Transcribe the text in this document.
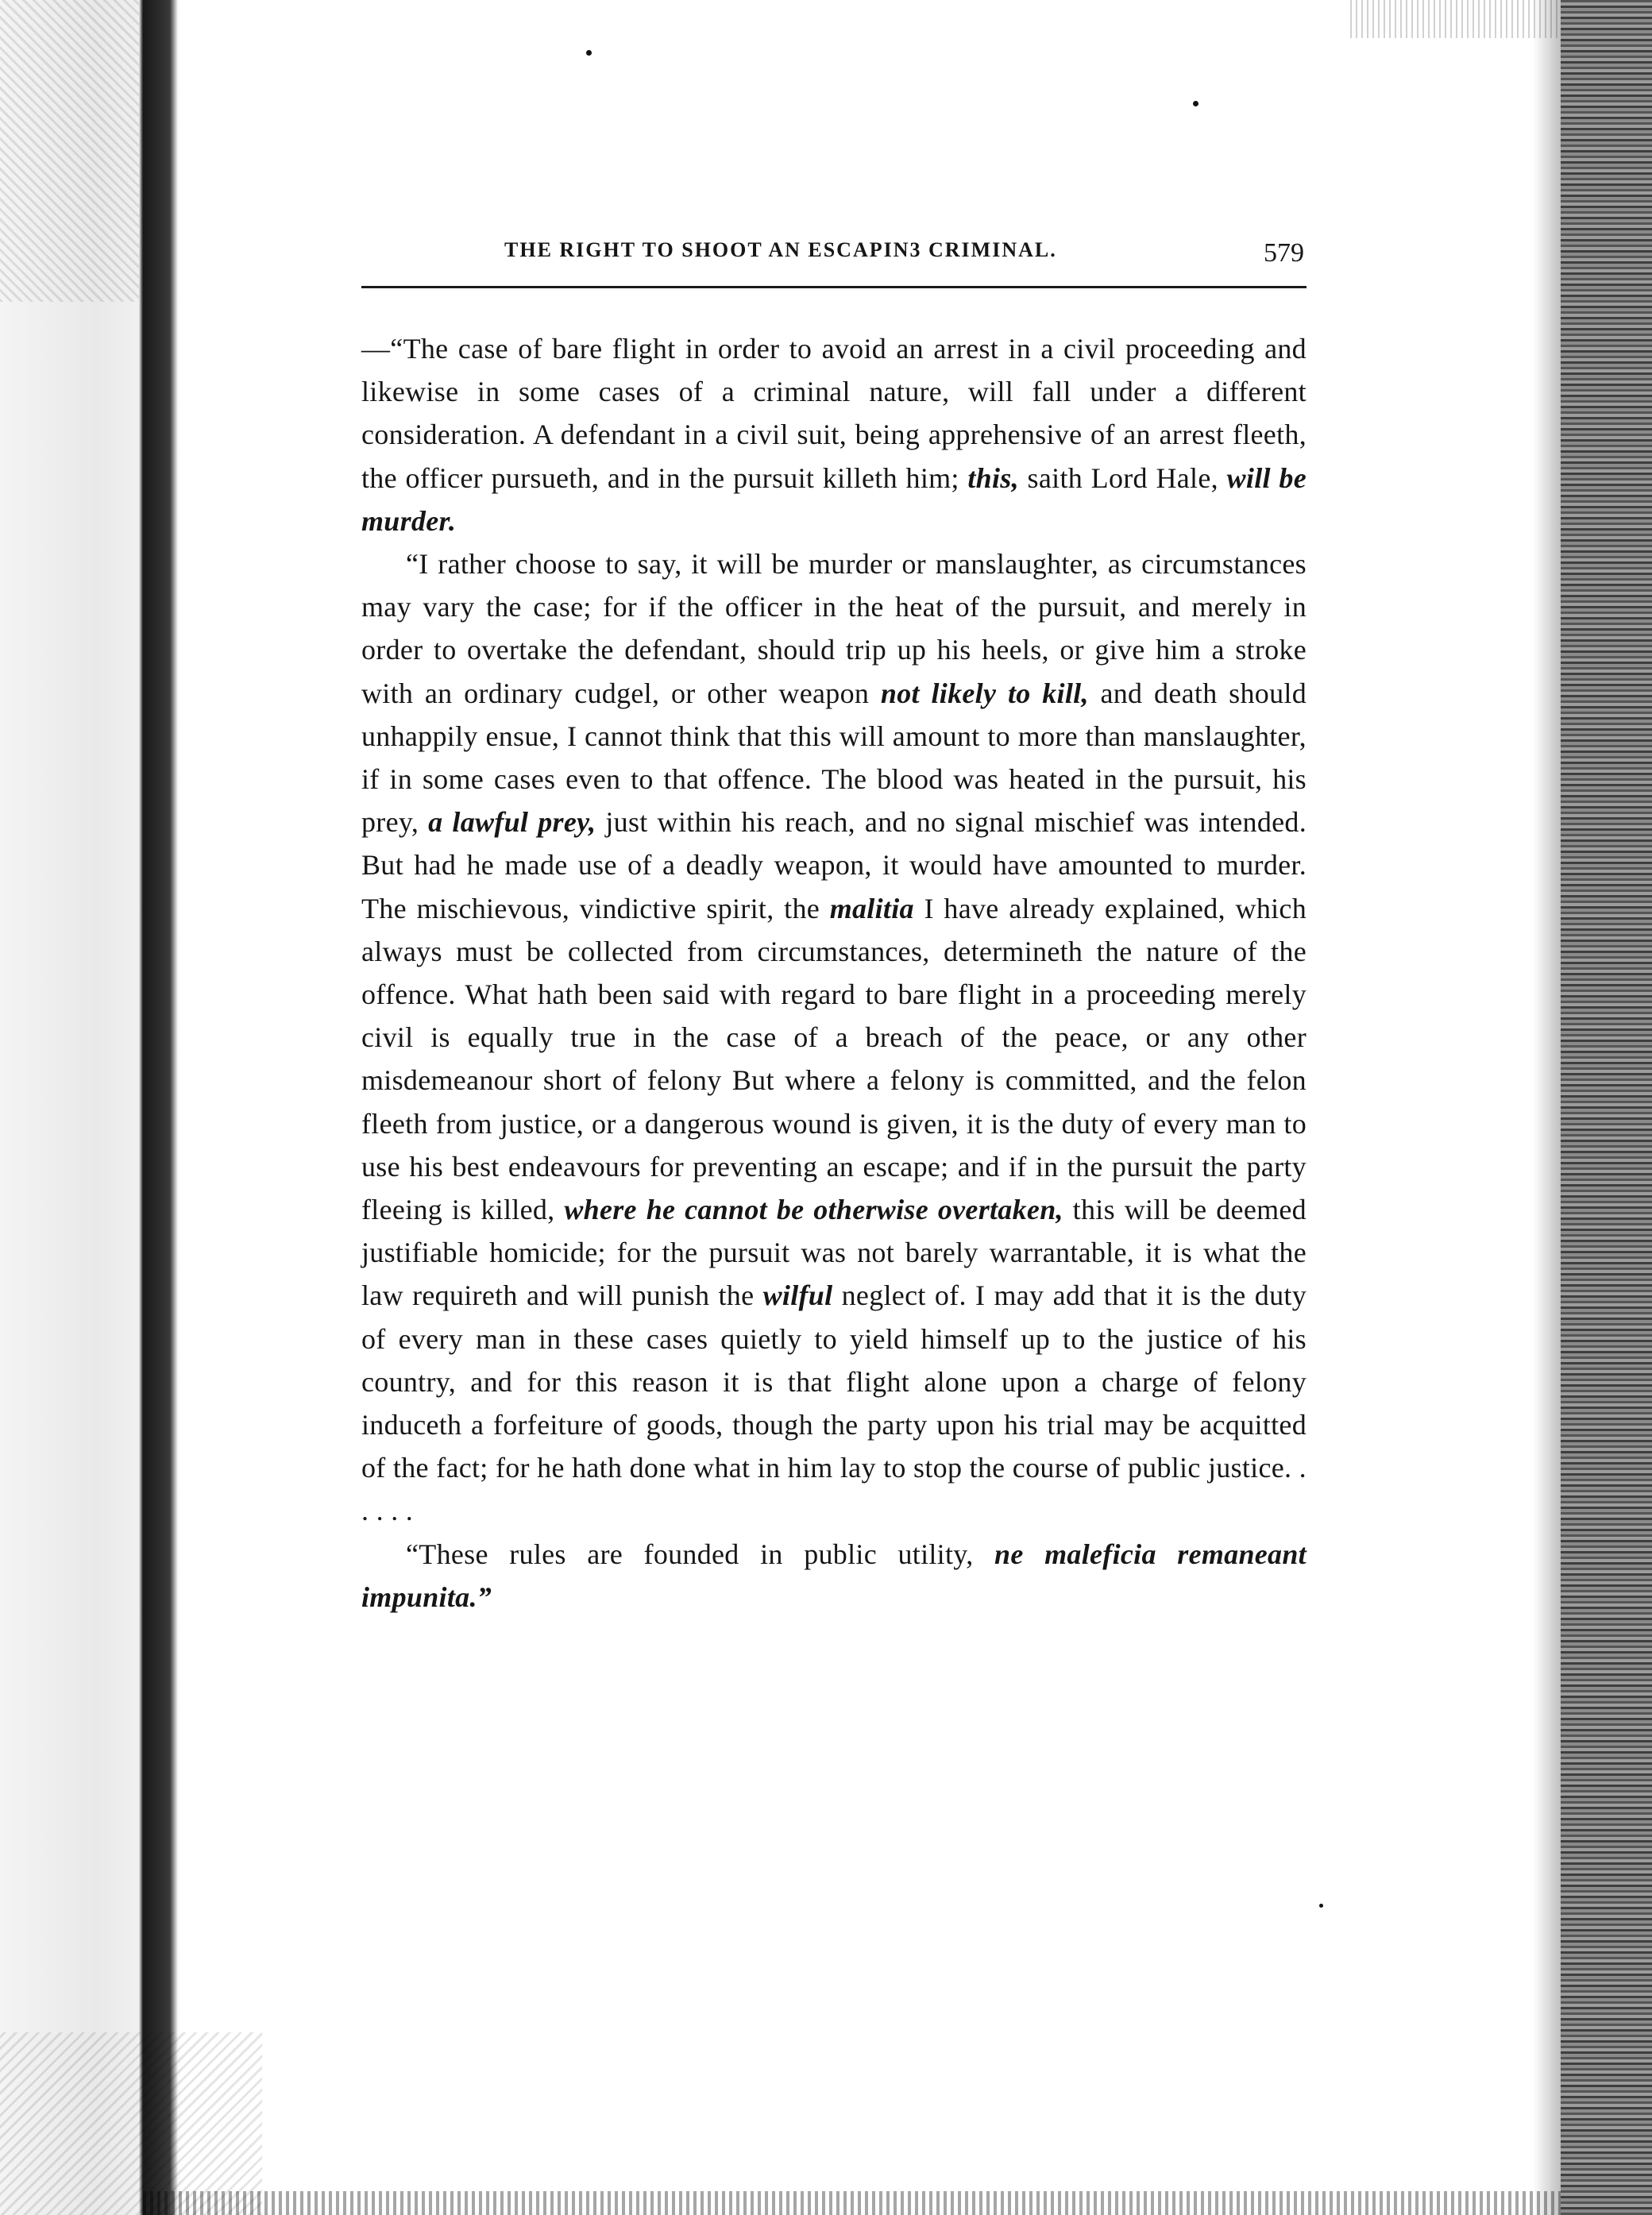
THE RIGHT TO SHOOT AN ESCAPIN3 CRIMINAL.	579

—“The case of bare flight in order to avoid an arrest in a civil proceeding and likewise in some cases of a criminal nature, will fall under a different consideration. A defendant in a civil suit, being apprehensive of an arrest fleeth, the officer pursueth, and in the pursuit killeth him; this, saith Lord Hale, will be murder.

“I rather choose to say, it will be murder or manslaughter, as circumstances may vary the case; for if the officer in the heat of the pursuit, and merely in order to overtake the defendant, should trip up his heels, or give him a stroke with an ordinary cudgel, or other weapon not likely to kill, and death should unhappily ensue, I cannot think that this will amount to more than manslaughter, if in some cases even to that offence. The blood was heated in the pursuit, his prey, a lawful prey, just within his reach, and no signal mischief was intended. But had he made use of a deadly weapon, it would have amounted to murder. The mischievous, vindictive spirit, the malitia I have already explained, which always must be collected from circumstances, determineth the nature of the offence. What hath been said with regard to bare flight in a proceeding merely civil is equally true in the case of a breach of the peace, or any other misdemeanour short of felony But where a felony is committed, and the felon fleeth from justice, or a dangerous wound is given, it is the duty of every man to use his best endeavours for preventing an escape; and if in the pursuit the party fleeing is killed, where he cannot be otherwise overtaken, this will be deemed justifiable homicide; for the pursuit was not barely warrantable, it is what the law requireth and will punish the wilful neglect of. I may add that it is the duty of every man in these cases quietly to yield himself up to the justice of his country, and for this reason it is that flight alone upon a charge of felony induceth a forfeiture of goods, though the party upon his trial may be acquitted of the fact; for he hath done what in him lay to stop the course of public justice. . . . . .

“These rules are founded in public utility, ne maleficia remaneant impunita.”
